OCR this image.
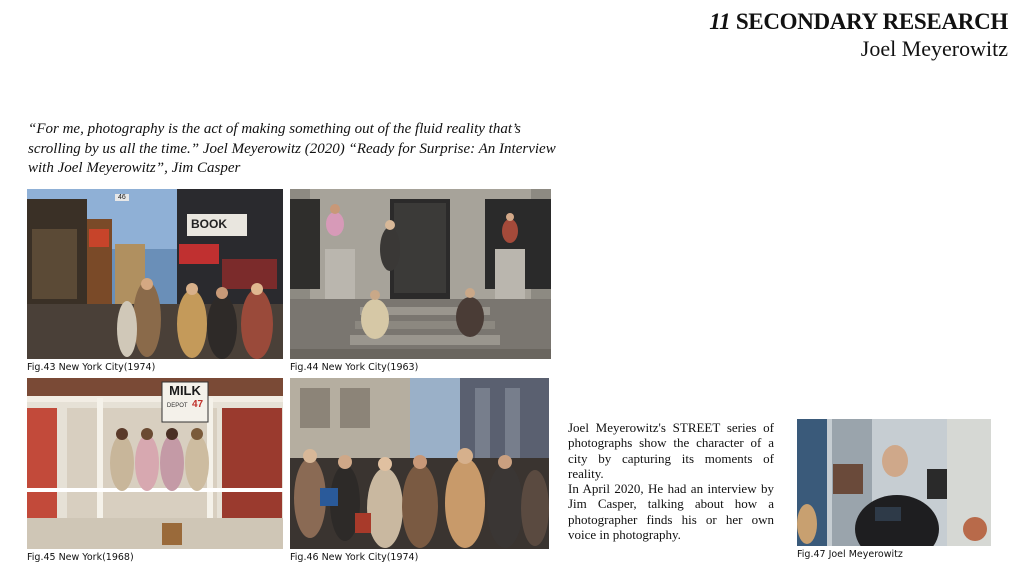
11 SECONDARY RESEARCH
Joel Meyerowitz
“For me, photography is the act of making something out of the fluid reality that’s scrolling by us all the time.” Joel Meyerowitz (2020) “Ready for Surprise: An Interview with Joel Meyerowitz”, Jim Casper
BOOK
46
Fig.43 New York City(1974)	Fig.44 New York City(1963)
MILK
DEPOT 47
Fig.45 New York(1968)	Fig.46 New York City(1974)

Joel Meyerowitz's STREET series of photographs show the character of a city by capturing its moments of reality.

In April 2020, He had an interview by Jim Casper, talking about how a photographer finds his or her own voice in photography.

Fig.47 Joel Meyerowitz
